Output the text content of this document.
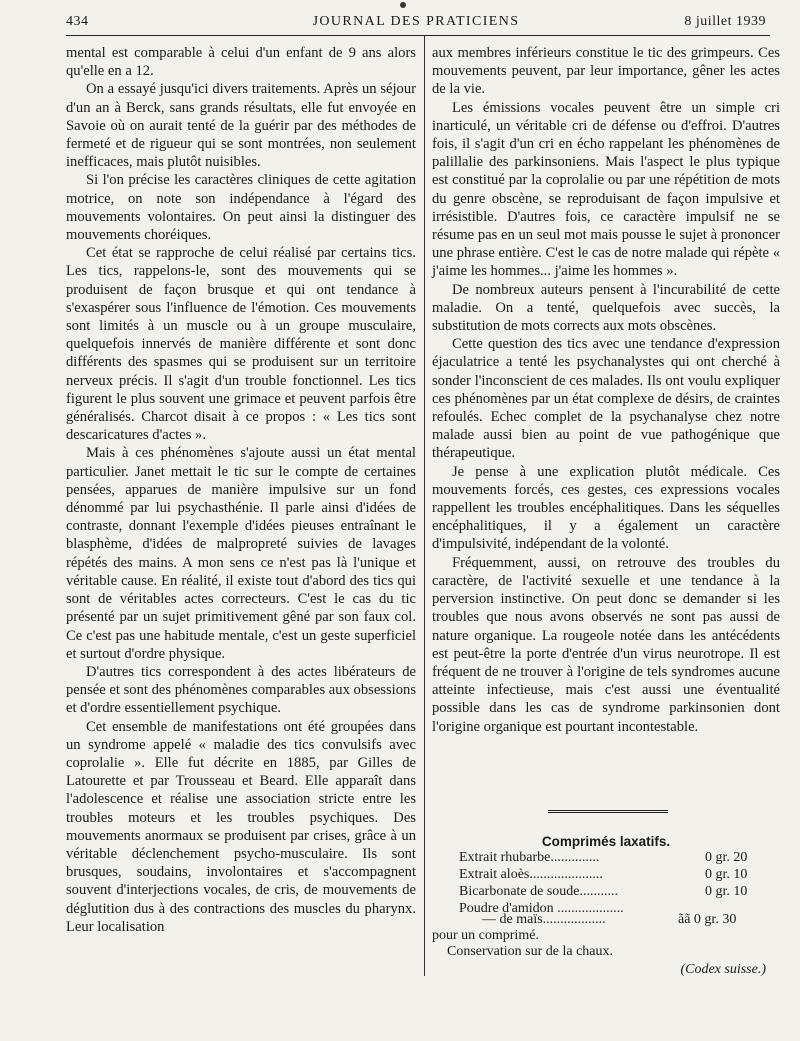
434	JOURNAL DES PRATICIENS	8 juillet 1939

mental est comparable à celui d'un enfant de 9 ans alors qu'elle en a 12.

On a essayé jusqu'ici divers traitements. Après un séjour d'un an à Berck, sans grands résultats, elle fut envoyée en Savoie où on aurait tenté de la guérir par des méthodes de fermeté et de rigueur qui se sont montrées, non seulement inefficaces, mais plutôt nuisibles.

Si l'on précise les caractères cliniques de cette agitation motrice, on note son indépendance à l'égard des mouvements volontaires. On peut ainsi la distinguer des mouvements choréiques.

Cet état se rapproche de celui réalisé par certains tics. Les tics, rappelons-le, sont des mouvements qui se produisent de façon brusque et qui ont tendance à s'exaspérer sous l'influence de l'émotion. Ces mouvements sont limités à un muscle ou à un groupe musculaire, quelquefois innervés de manière différente et sont donc différents des spasmes qui se produisent sur un territoire nerveux précis. Il s'agit d'un trouble fonctionnel. Les tics figurent le plus souvent une grimace et peuvent parfois être généralisés. Charcot disait à ce propos : « Les tics sont descaricatures d'actes ».

Mais à ces phénomènes s'ajoute aussi un état mental particulier. Janet mettait le tic sur le compte de certaines pensées, apparues de manière impulsive sur un fond dénommé par lui psychasthénie. Il parle ainsi d'idées de contraste, donnant l'exemple d'idées pieuses entraînant le blasphème, d'idées de malpropreté suivies de lavages répétés des mains. A mon sens ce n'est pas là l'unique et véritable cause. En réalité, il existe tout d'abord des tics qui sont de véritables actes correcteurs. C'est le cas du tic présenté par un sujet primitivement gêné par son faux col. Ce c'est pas une habitude mentale, c'est un geste superficiel et surtout d'ordre physique.

D'autres tics correspondent à des actes libérateurs de pensée et sont des phénomènes comparables aux obsessions et d'ordre essentiellement psychique.

Cet ensemble de manifestations ont été groupées dans un syndrome appelé « maladie des tics convulsifs avec coprolalie ». Elle fut décrite en 1885, par Gilles de Latourette et par Trousseau et Beard. Elle apparaît dans l'adolescence et réalise une association stricte entre les troubles moteurs et les troubles psychiques. Des mouvements anormaux se produisent par crises, grâce à un véritable déclenchement psycho-musculaire. Ils sont brusques, soudains, involontaires et s'accompagnent souvent d'interjections vocales, de cris, de mouvements de déglutition dus à des contractions des muscles du pharynx. Leur localisation

aux membres inférieurs constitue le tic des grimpeurs. Ces mouvements peuvent, par leur importance, gêner les actes de la vie.

Les émissions vocales peuvent être un simple cri inarticulé, un véritable cri de défense ou d'effroi. D'autres fois, il s'agit d'un cri en écho rappelant les phénomènes de palillalie des parkinsoniens. Mais l'aspect le plus typique est constitué par la coprolalie ou par une répétition de mots du genre obscène, se reproduisant de façon impulsive et irrésistible. D'autres fois, ce caractère impulsif ne se résume pas en un seul mot mais pousse le sujet à prononcer une phrase entière. C'est le cas de notre malade qui répète « j'aime les hommes... j'aime les hommes ».

De nombreux auteurs pensent à l'incurabilité de cette maladie. On a tenté, quelquefois avec succès, la substitution de mots corrects aux mots obscènes.

Cette question des tics avec une tendance d'expression éjaculatrice a tenté les psychanalystes qui ont cherché à sonder l'inconscient de ces malades. Ils ont voulu expliquer ces phénomènes par un état complexe de désirs, de craintes refoulés. Echec complet de la psychanalyse chez notre malade aussi bien au point de vue pathogénique que thérapeutique.

Je pense à une explication plutôt médicale. Ces mouvements forcés, ces gestes, ces expressions vocales rappellent les troubles encéphalitiques. Dans les séquelles encéphalitiques, il y a également un caractère d'impulsivité, indépendant de la volonté.

Fréquemment, aussi, on retrouve des troubles du caractère, de l'activité sexuelle et une tendance à la perversion instinctive. On peut donc se demander si les troubles que nous avons observés ne sont pas aussi de nature organique. La rougeole notée dans les antécédents est peut-être la porte d'entrée d'un virus neurotrope. Il est fréquent de ne trouver à l'origine de tels syndromes aucune atteinte infectieuse, mais c'est aussi une éventualité possible dans les cas de syndrome parkinsonien dont l'origine organique est pourtant incontestable.

Comprimés laxatifs.
Extrait rhubarbe..............	0 gr. 20
Extrait aloès.....................	0 gr. 10
Bicarbonate de soude...........	0 gr. 10
Poudre d'amidon ...................
— de maïs..................	ãã 0 gr. 30
pour un comprimé.
Conservation sur de la chaux.
(Codex suisse.)
